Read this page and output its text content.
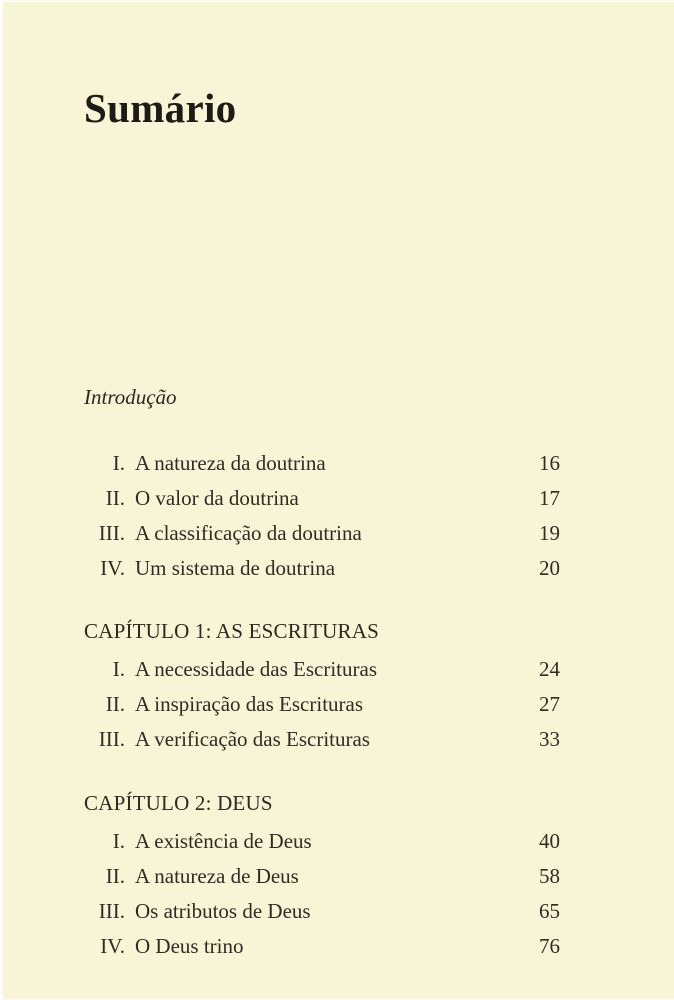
Sumário
Introdução
I. A natureza da doutrina	16
II. O valor da doutrina	17
III. A classificação da doutrina	19
IV. Um sistema de doutrina	20
CAPÍTULO 1: AS ESCRITURAS
I. A necessidade das Escrituras	24
II. A inspiração das Escrituras	27
III. A verificação das Escrituras	33
CAPÍTULO 2: DEUS
I. A existência de Deus	40
II. A natureza de Deus	58
III. Os atributos de Deus	65
IV. O Deus trino	76
